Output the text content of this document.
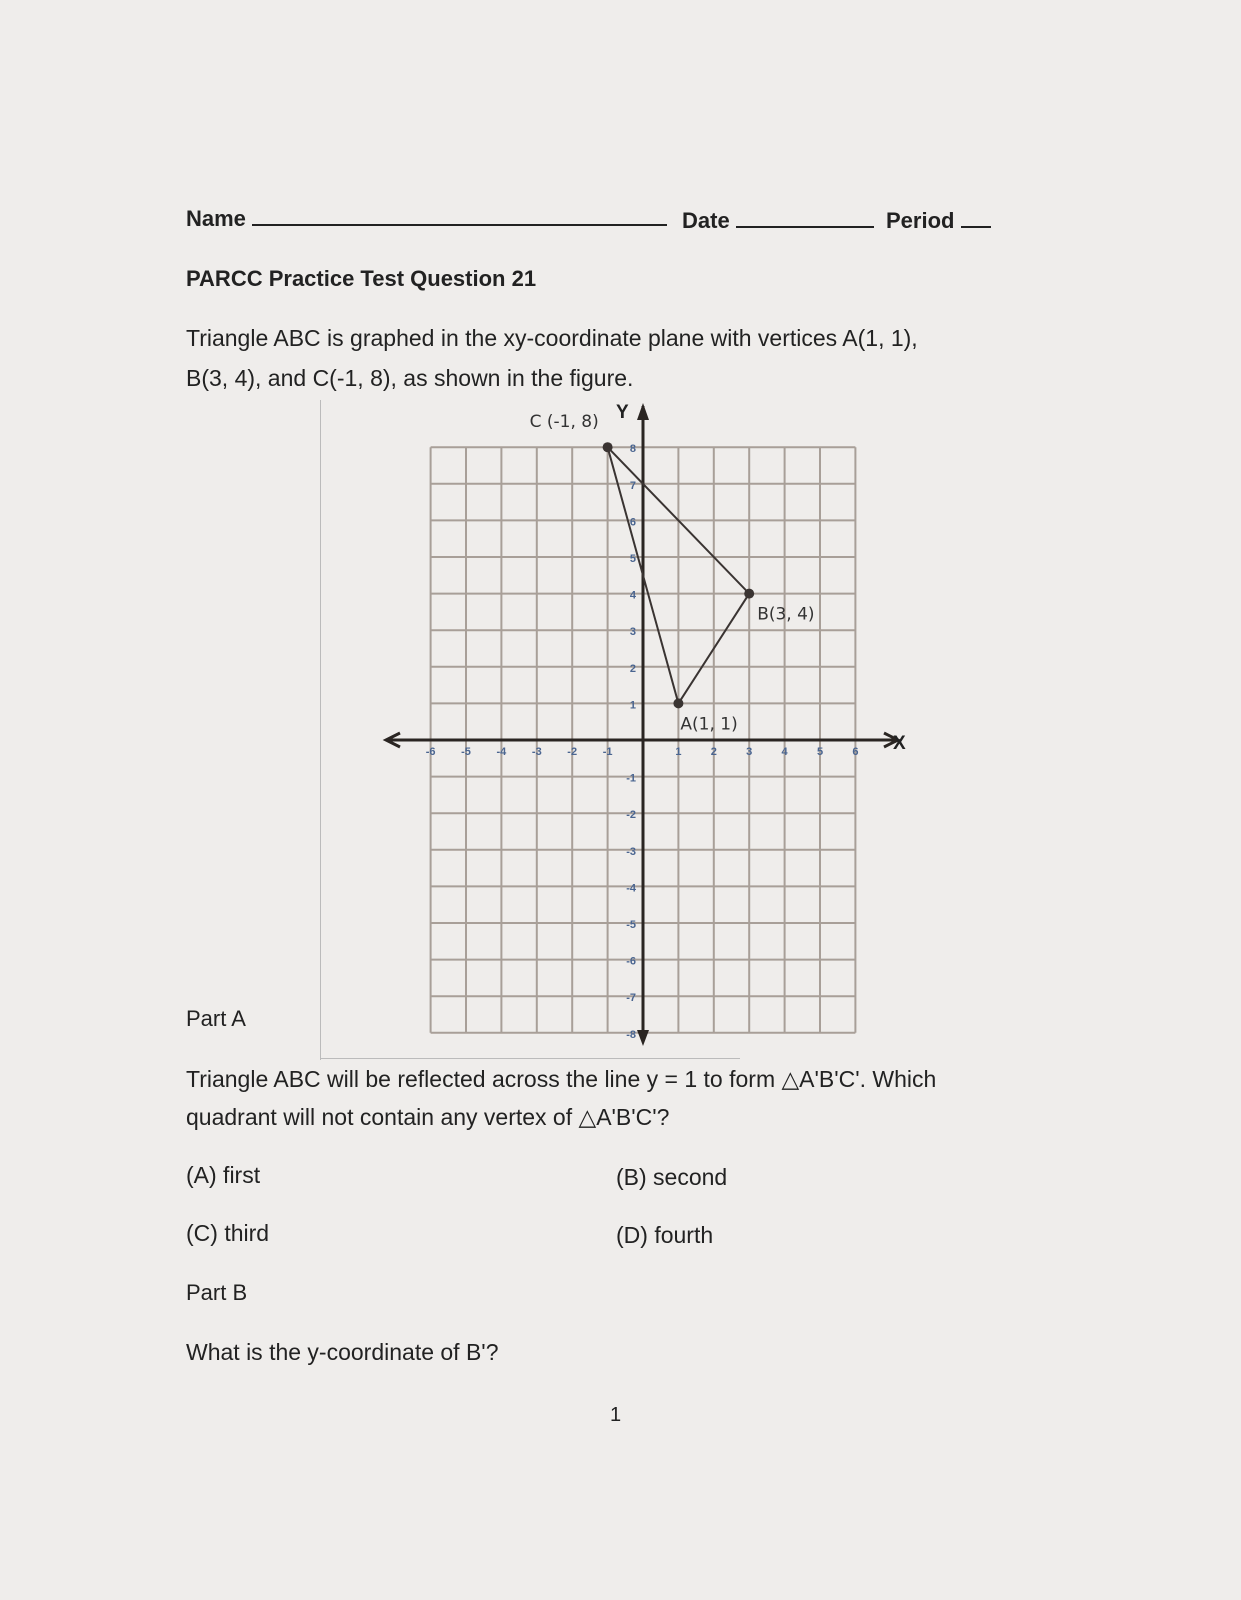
Name	Date	Period
PARCC Practice Test Question 21
Triangle ABC is graphed in the xy-coordinate plane with vertices A(1, 1),
B(3, 4), and C(-1, 8), as shown in the figure.
X
Y
-6 -5 -4 -3 -2 -1	1	2	3	4	5	6
8
7
6
5
4
3
2
1
-1
-2
-3
-4
-5
-6
-7
-8
A(1, 1)
B(3, 4)
C (-1, 8)
Part A
Triangle ABC will be reflected across the line y = 1 to form △A'B'C'. Which
quadrant will not contain any vertex of △A'B'C'?
(A) first	(B) second
(C) third	(D) fourth
Part B
What is the y-coordinate of B'?
1
